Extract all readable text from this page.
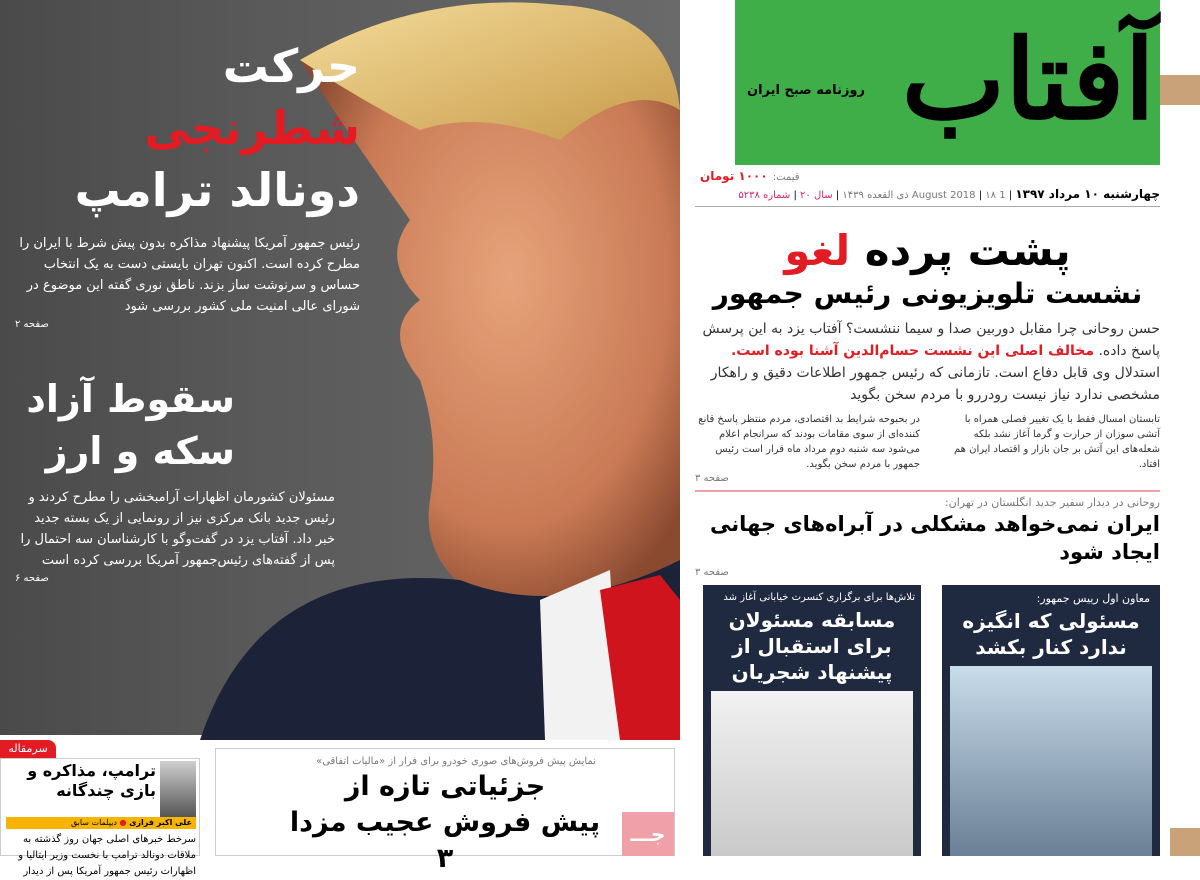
حرکت شطرنجی
دونالد ترامپ
رئیس جمهور آمریکا پیشنهاد مذاکره بدون پیش شرط با ایران را مطرح کرده است. اکنون تهران بایستی دست به یک انتخاب حساس و سرنوشت ساز بزند. ناطق نوری گفته این موضوع در شورای عالی امنیت ملی کشور بررسی شود
صفحه ۲
سقوط آزاد
سکه و ارز
مسئولان کشورمان اظهارات آرامبخشی را مطرح کردند و رئیس جدید بانک مرکزی نیز از رونمایی از یک بسته جدید خبر داد. آفتاب یزد در گفت‌وگو با کارشناسان سه احتمال را پس از گفته‌های رئیس‌جمهور آمریکا بررسی کرده است
صفحه ۶
آفتاب
روزنامه صبح ایران
قیمت: ۱۰۰۰ تومان
چهارشنبه ۱۰ مرداد ۱۳۹۷ | 1 August 2018 | ۱۸ ذی القعده ۱۴۳۹ | سال ۲۰ | شماره ۵۲۳۸
پشت پرده لغو
نشست تلویزیونی رئیس جمهور
حسن روحانی چرا مقابل دوربین صدا و سیما ننشست؟ آفتاب یزد به این پرسش پاسخ داده. مخالف اصلی این نشست حسام‌الدین آشنا بوده است. استدلال وی قابل دفاع است. تازمانی که رئیس جمهور اطلاعات دقیق و راهکار مشخصی ندارد نیاز نیست رودررو با مردم سخن بگوید
تابستان امسال فقط با یک تغییر فصلی همراه با آتشی سوزان از حرارت و گرما آغاز نشد بلکه شعله‌های این آتش بر جان بازار و اقتصاد ایران هم افتاد.
در بحبوحه شرایط بد اقتصادی، مردم منتظر پاسخ قانع کننده‌ای از سوی مقامات بودند که سرانجام اعلام می‌شود سه شنبه دوم مرداد ماه قرار است رئیس جمهور با مردم سخن بگوید.
صفحه ۳
روحانی در دیدار سفیر جدید انگلستان در تهران:
ایران نمی‌خواهد مشکلی در آبراه‌های جهانی ایجاد شود
صفحه ۳
معاون اول رییس جمهور:
مسئولی که انگیزه ندارد کنار بکشد
تلاش‌ها برای برگزاری کنسرت خیابانی آغاز شد
مسابقه مسئولان برای استقبال از پیشنهاد شجریان
سرمقاله
ترامپ، مذاکره و بازی چندگانه
علی اکبر فرازی ● دیپلمات سابق
سرخط خبرهای اصلی جهان روز گذشته به ملاقات دونالد ترامپ با نخست وزیر ایتالیا و اظهارات رئیس جمهور آمریکا پس از دیدار
نمایش پیش فروش‌های صوری خودرو برای فرار از «مالیات اتفاقی»
جزئیاتی تازه از
پیش فروش عجیب مزدا ۳
جـــ
